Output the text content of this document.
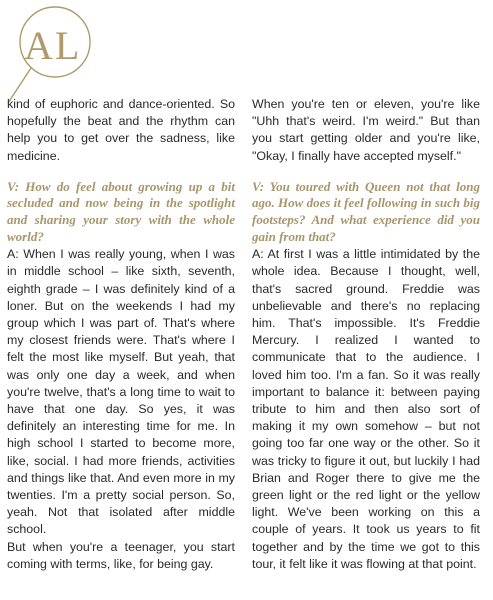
AL

kind of euphoric and dance-oriented. So hopefully the beat and the rhythm can help you to get over the sadness, like medicine.

V: How do feel about growing up a bit secluded and now being in the spotlight and sharing your story with the whole world?

A: When I was really young, when I was in middle school – like sixth, seventh, eighth grade – I was definitely kind of a loner. But on the weekends I had my group which I was part of. That's where my closest friends were. That's where I felt the most like myself. But yeah, that was only one day a week, and when you're twelve, that's a long time to wait to have that one day. So yes, it was definitely an interesting time for me. In high school I started to become more, like, social. I had more friends, activities and things like that. And even more in my twenties. I'm a pretty social person. So, yeah. Not that isolated after middle school.

But when you're a teenager, you start coming with terms, like, for being gay.

When you're ten or eleven, you're like "Uhh that's weird. I'm weird." But than you start getting older and you're like, "Okay, I finally have accepted myself."

V: You toured with Queen not that long ago. How does it feel following in such big footsteps? And what experience did you gain from that?

A: At first I was a little intimidated by the whole idea. Because I thought, well, that's sacred ground. Freddie was unbelievable and there's no replacing him. That's impossible. It's Freddie Mercury. I realized I wanted to communicate that to the audience. I loved him too. I'm a fan. So it was really important to balance it: between paying tribute to him and then also sort of making it my own somehow – but not going too far one way or the other. So it was tricky to figure it out, but luckily I had Brian and Roger there to give me the green light or the red light or the yellow light. We've been working on this a couple of years. It took us years to fit together and by the time we got to this tour, it felt like it was flowing at that point.
